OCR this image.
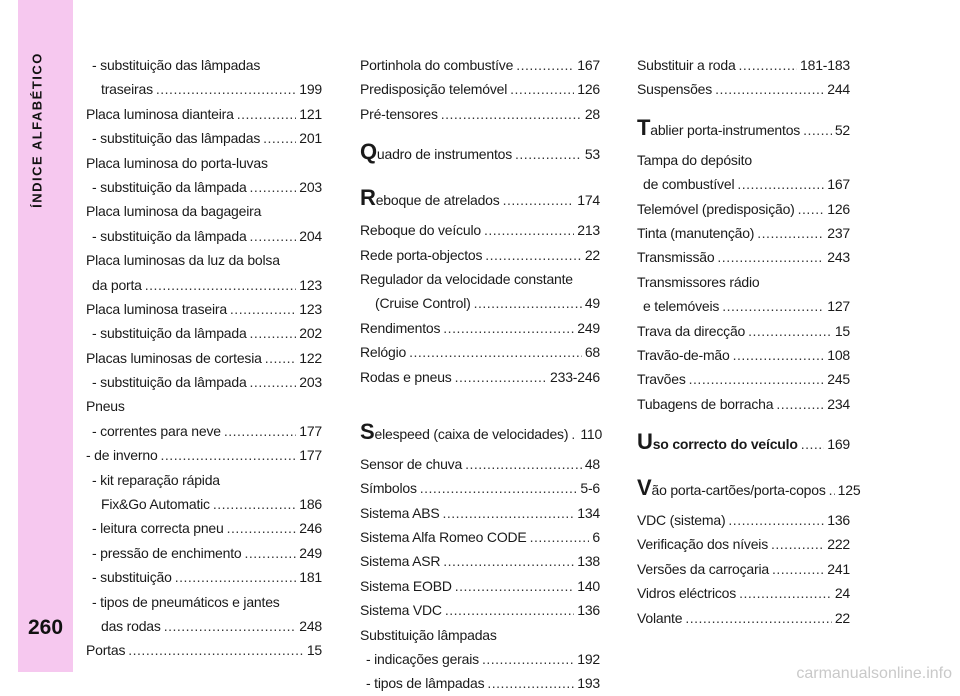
ÍNDICE ALFABÉTICO
260
- substituição das lâmpadas
traseiras .....	199
Placa luminosa dianteira .....	121
- substituição das lâmpadas .....	201
Placa luminosa do porta-luvas
- substituição da lâmpada .....	203
Placa luminosa da bagageira
- substituição da lâmpada .....	204
Placa luminosas da luz da bolsa
da porta .....	123
Placa luminosa traseira .....	123
- substituição da lâmpada .....	202
Placas luminosas de cortesia .....	122
- substituição da lâmpada .....	203
Pneus
- correntes para neve .....	177
- de inverno .....	177
- kit reparação rápida
Fix&Go Automatic .....	186
- leitura correcta pneu .....	246
- pressão de enchimento .....	249
- substituição .....	181
- tipos de pneumáticos e jantes
das rodas .....	248
Portas .....	15
Portinhola do combustíve .....	167
Predisposição telemóvel .....	126
Pré-tensores .....	28
Quadro de instrumentos .....	53
Reboque de atrelados .....	174
Reboque do veículo .....	213
Rede porta-objectos .....	22
Regulador da velocidade constante
(Cruise Control) .....	49
Rendimentos .....	249
Relógio .....	68
Rodas e pneus .....	233-246
Selespeed (caixa de velocidades) ..... 110
Sensor de chuva .....	48
Símbolos .....	5-6
Sistema ABS .....	134
Sistema Alfa Romeo CODE .....	6
Sistema ASR .....	138
Sistema EOBD .....	140
Sistema VDC .....	136
Substituição lâmpadas
- indicações gerais .....	192
- tipos de lâmpadas .....	193
Substituir a roda .....	181-183
Suspensões .....	244
Tablier porta-instrumentos ..... 52
Tampa do depósito
de combustível .....	167
Telemóvel (predisposição) ..... 126
Tinta (manutenção) .....	237
Transmissão .....	243
Transmissores rádio
e telemóveis .....	127
Trava da direcção .....	15
Travão-de-mão .....	108
Travões .....	245
Tubagens de borracha .....	234
Uso correcto do veículo ..... 169
Vão porta-cartões/porta-copos ..... 125
VDC (sistema) .....	136
Verificação dos níveis .....	222
Versões da carroçaria .....	241
Vidros eléctricos .....	24
Volante .....	22
carmanualsonline.info
